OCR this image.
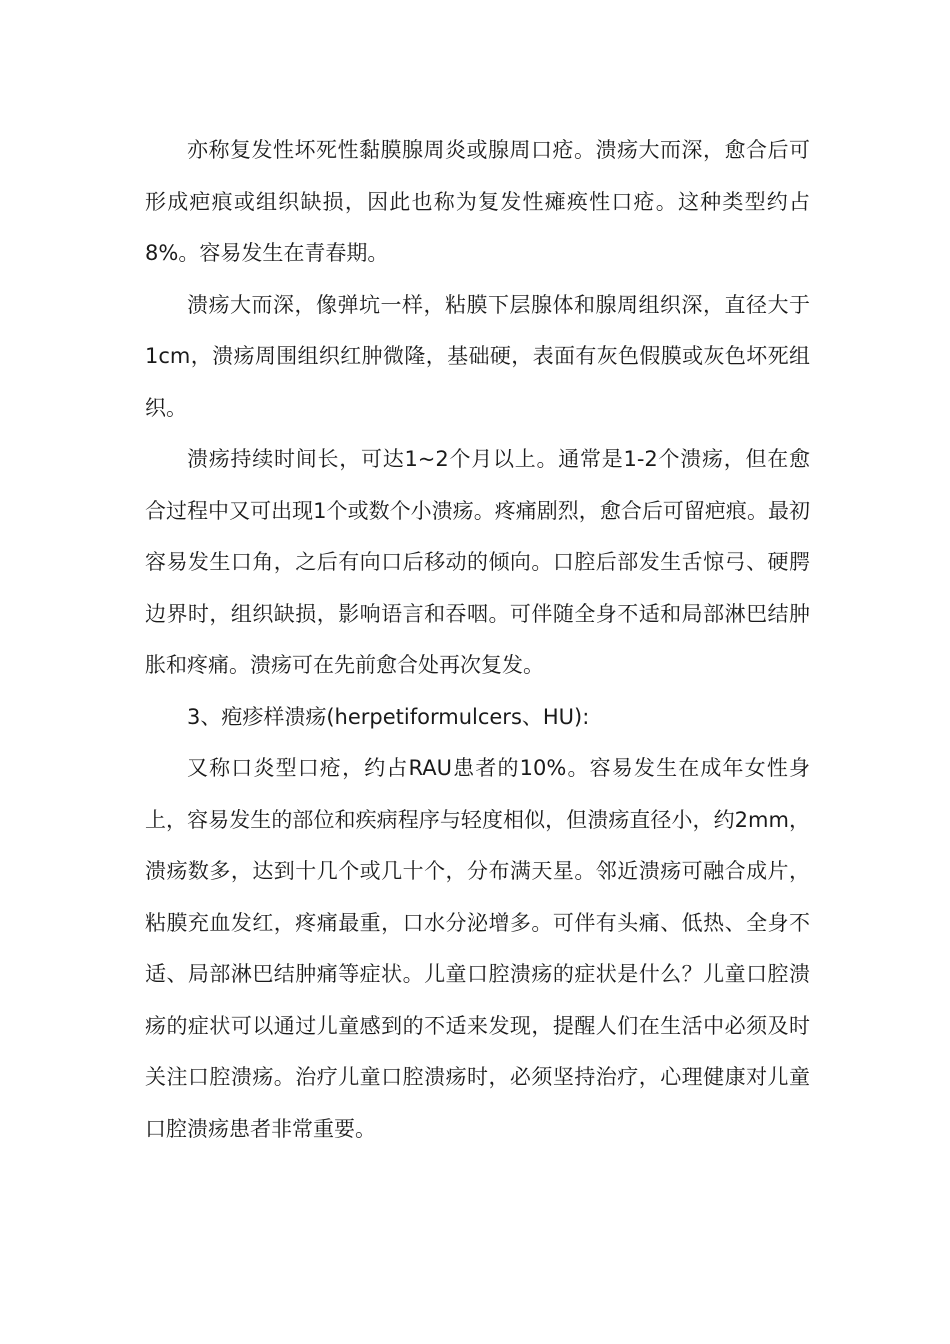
亦称复发性坏死性黏膜腺周炎或腺周口疮。溃疡大而深，愈合后可形成疤痕或组织缺损，因此也称为复发性瘫痪性口疮。这种类型约占8%。容易发生在青春期。

溃疡大而深，像弹坑一样，粘膜下层腺体和腺周组织深，直径大于1cm，溃疡周围组织红肿微隆，基础硬，表面有灰色假膜或灰色坏死组织。

溃疡持续时间长，可达1~2个月以上。通常是1-2个溃疡，但在愈合过程中又可出现1个或数个小溃疡。疼痛剧烈，愈合后可留疤痕。最初容易发生口角，之后有向口后移动的倾向。口腔后部发生舌惊弓、硬腭边界时，组织缺损，影响语言和吞咽。可伴随全身不适和局部淋巴结肿胀和疼痛。溃疡可在先前愈合处再次复发。

3、疱疹样溃疡(herpetiformulcers、HU):

又称口炎型口疮，约占RAU患者的10%。容易发生在成年女性身上，容易发生的部位和疾病程序与轻度相似，但溃疡直径小，约2mm，溃疡数多，达到十几个或几十个，分布满天星。邻近溃疡可融合成片，粘膜充血发红，疼痛最重，口水分泌增多。可伴有头痛、低热、全身不适、局部淋巴结肿痛等症状。儿童口腔溃疡的症状是什么？儿童口腔溃疡的症状可以通过儿童感到的不适来发现，提醒人们在生活中必须及时关注口腔溃疡。治疗儿童口腔溃疡时，必须坚持治疗，心理健康对儿童口腔溃疡患者非常重要。
